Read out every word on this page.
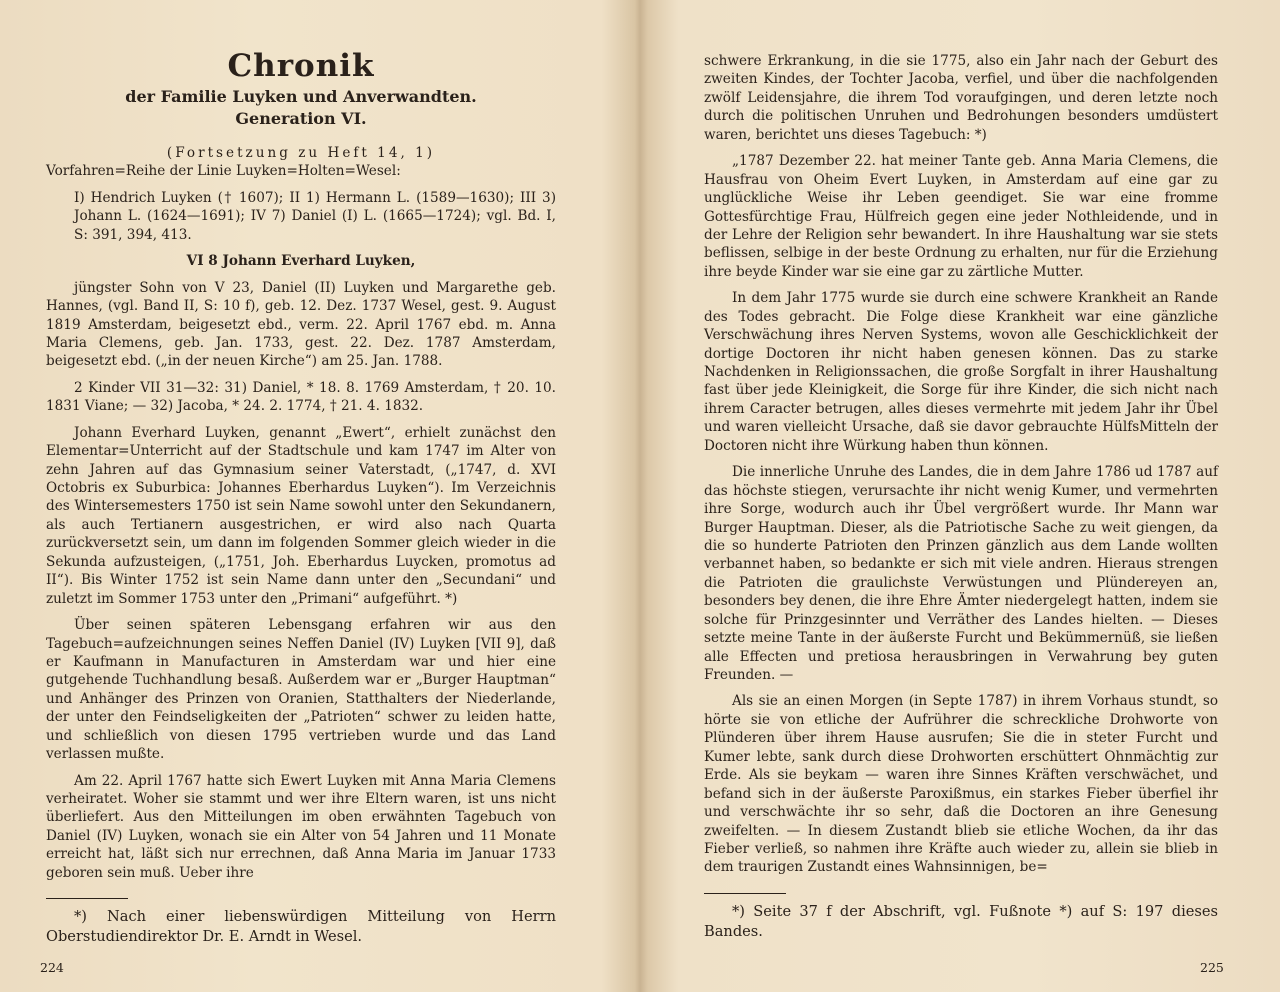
Chronik
der Familie Luyken und Anverwandten.
Generation VI.

(Fortsetzung zu Heft 14, 1)

Vorfahren=Reihe der Linie Luyken=Holten=Wesel:

I) Hendrich Luyken († 1607); II 1) Hermann L. (1589—1630); III 3) Johann L. (1624—1691); IV 7) Daniel (I) L. (1665—1724); vgl. Bd. I, S: 391, 394, 413.

VI 8 Johann Everhard Luyken,

jüngster Sohn von V 23, Daniel (II) Luyken und Margarethe geb. Hannes, (vgl. Band II, S: 10 f), geb. 12. Dez. 1737 Wesel, gest. 9. August 1819 Amsterdam, beigesetzt ebd., verm. 22. April 1767 ebd. m. Anna Maria Clemens, geb. Jan. 1733, gest. 22. Dez. 1787 Amsterdam, beigesetzt ebd. („in der neuen Kirche“) am 25. Jan. 1788.

2 Kinder VII 31—32: 31) Daniel, * 18. 8. 1769 Amsterdam, † 20. 10. 1831 Viane; — 32) Jacoba, * 24. 2. 1774, † 21. 4. 1832.

Johann Everhard Luyken, genannt „Ewert“, erhielt zunächst den Elementar=Unterricht auf der Stadtschule und kam 1747 im Alter von zehn Jahren auf das Gymnasium seiner Vaterstadt, („1747, d. XVI Octobris ex Suburbica: Johannes Eberhardus Luyken“). Im Verzeichnis des Wintersemesters 1750 ist sein Name sowohl unter den Sekundanern, als auch Tertianern ausgestrichen, er wird also nach Quarta zurückversetzt sein, um dann im folgenden Sommer gleich wieder in die Sekunda aufzusteigen, („1751, Joh. Eberhardus Luycken, promotus ad II“). Bis Winter 1752 ist sein Name dann unter den „Secundani“ und zuletzt im Sommer 1753 unter den „Primani“ aufgeführt. *)

Über seinen späteren Lebensgang erfahren wir aus den Tagebuch=aufzeichnungen seines Neffen Daniel (IV) Luyken [VII 9], daß er Kaufmann in Manufacturen in Amsterdam war und hier eine gutgehende Tuchhandlung besaß. Außerdem war er „Burger Hauptman“ und Anhänger des Prinzen von Oranien, Statthalters der Niederlande, der unter den Feindseligkeiten der „Patrioten“ schwer zu leiden hatte, und schließlich von diesen 1795 vertrieben wurde und das Land verlassen mußte.

Am 22. April 1767 hatte sich Ewert Luyken mit Anna Maria Clemens verheiratet. Woher sie stammt und wer ihre Eltern waren, ist uns nicht überliefert. Aus den Mitteilungen im oben erwähnten Tagebuch von Daniel (IV) Luyken, wonach sie ein Alter von 54 Jahren und 11 Monate erreicht hat, läßt sich nur errechnen, daß Anna Maria im Januar 1733 geboren sein muß. Ueber ihre

*) Nach einer liebenswürdigen Mitteilung von Herrn Oberstudiendirektor Dr. E. Arndt in Wesel.

224

schwere Erkrankung, in die sie 1775, also ein Jahr nach der Geburt des zweiten Kindes, der Tochter Jacoba, verfiel, und über die nachfolgenden zwölf Leidensjahre, die ihrem Tod voraufgingen, und deren letzte noch durch die politischen Unruhen und Bedrohungen besonders umdüstert waren, berichtet uns dieses Tagebuch: *)

„1787 Dezember 22. hat meiner Tante geb. Anna Maria Clemens, die Hausfrau von Oheim Evert Luyken, in Amsterdam auf eine gar zu unglückliche Weise ihr Leben geendiget. Sie war eine fromme Gottesfürchtige Frau, Hülfreich gegen eine jeder Nothleidende, und in der Lehre der Religion sehr bewandert. In ihre Haushaltung war sie stets beflissen, selbige in der beste Ordnung zu erhalten, nur für die Erziehung ihre beyde Kinder war sie eine gar zu zärtliche Mutter.

In dem Jahr 1775 wurde sie durch eine schwere Krankheit an Rande des Todes gebracht. Die Folge diese Krankheit war eine gänzliche Verschwächung ihres Nerven Systems, wovon alle Geschicklichkeit der dortige Doctoren ihr nicht haben genesen können. Das zu starke Nachdenken in Religionssachen, die große Sorgfalt in ihrer Haushaltung fast über jede Kleinigkeit, die Sorge für ihre Kinder, die sich nicht nach ihrem Caracter betrugen, alles dieses vermehrte mit jedem Jahr ihr Übel und waren vielleicht Ursache, daß sie davor gebrauchte HülfsMitteln der Doctoren nicht ihre Würkung haben thun können.

Die innerliche Unruhe des Landes, die in dem Jahre 1786 ud 1787 auf das höchste stiegen, verursachte ihr nicht wenig Kumer, und vermehrten ihre Sorge, wodurch auch ihr Übel vergrößert wurde. Ihr Mann war Burger Hauptman. Dieser, als die Patriotische Sache zu weit giengen, da die so hunderte Patrioten den Prinzen gänzlich aus dem Lande wollten verbannet haben, so bedankte er sich mit viele andren. Hieraus strengen die Patrioten die graulichste Verwüstungen und Plündereyen an, besonders bey denen, die ihre Ehre Ämter niedergelegt hatten, indem sie solche für Prinzgesinnter und Verräther des Landes hielten. — Dieses setzte meine Tante in der äußerste Furcht und Bekümmernüß, sie ließen alle Effecten und pretiosa herausbringen in Verwahrung bey guten Freunden. —

Als sie an einen Morgen (in Septe 1787) in ihrem Vorhaus stundt, so hörte sie von etliche der Aufrührer die schreckliche Drohworte von Plünderen über ihrem Hause ausrufen; Sie die in steter Furcht und Kumer lebte, sank durch diese Drohworten erschüttert Ohnmächtig zur Erde. Als sie beykam — waren ihre Sinnes Kräften verschwächet, und befand sich in der äußerste Paroxißmus, ein starkes Fieber überfiel ihr und verschwächte ihr so sehr, daß die Doctoren an ihre Genesung zweifelten. — In diesem Zustandt blieb sie etliche Wochen, da ihr das Fieber verließ, so nahmen ihre Kräfte auch wieder zu, allein sie blieb in dem traurigen Zustandt eines Wahnsinnigen, be=

*) Seite 37 f der Abschrift, vgl. Fußnote *) auf S: 197 dieses Bandes.

225
